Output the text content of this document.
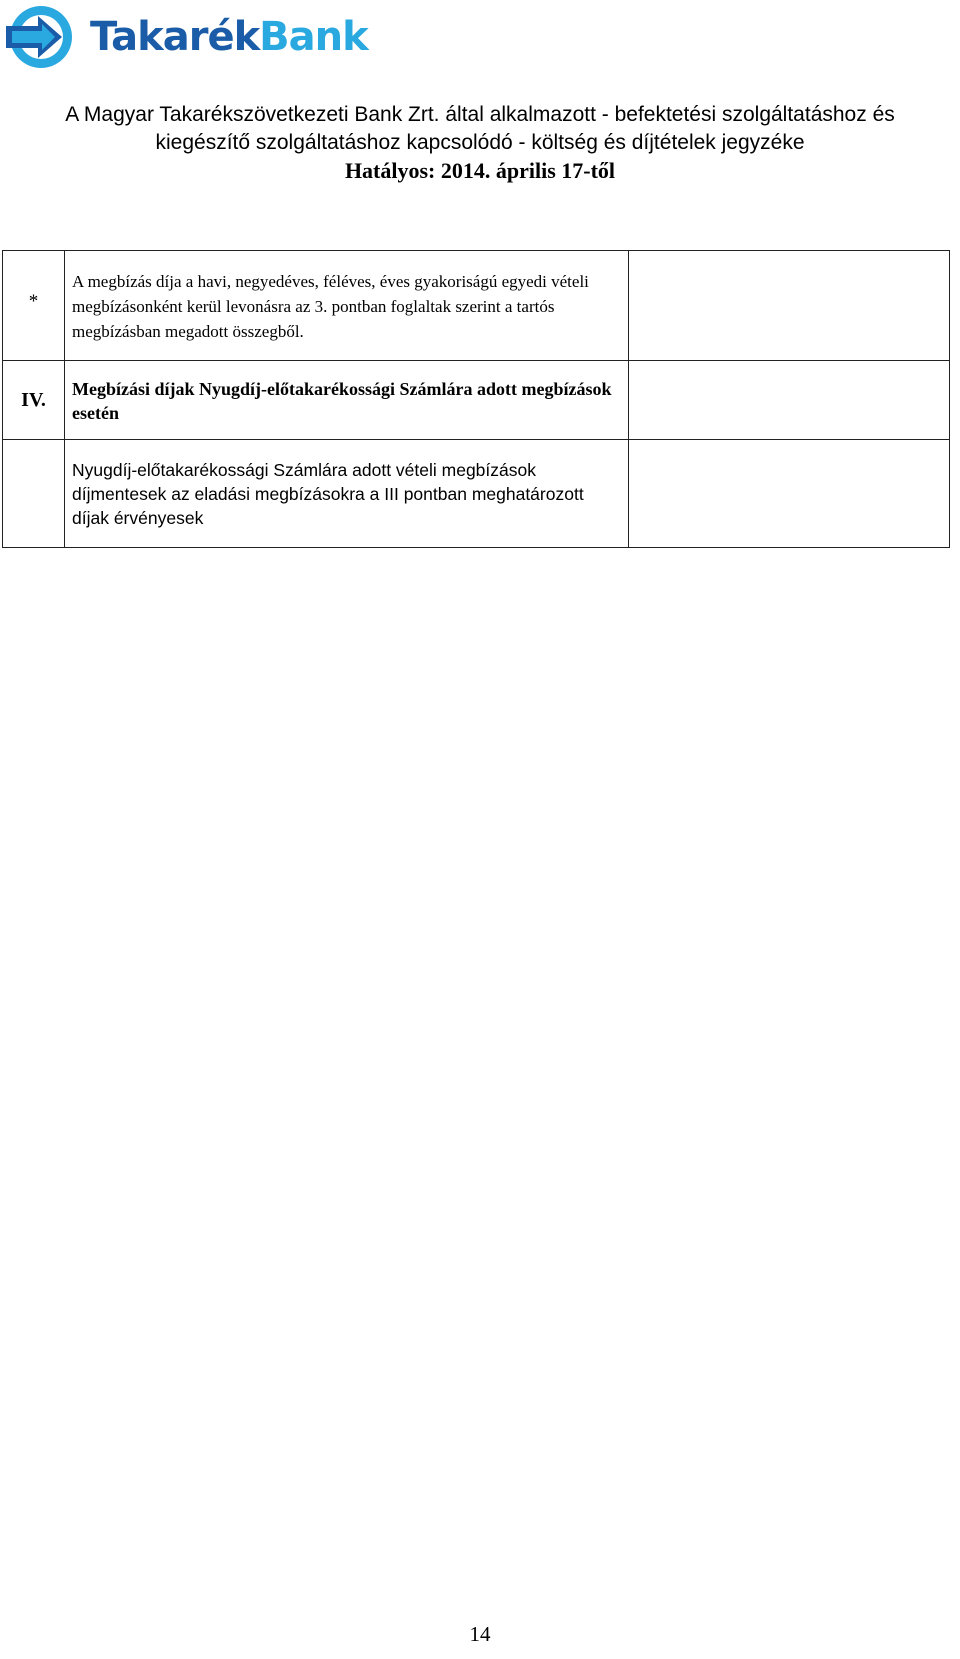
TakarékBank
A Magyar Takarékszövetkezeti Bank Zrt. által alkalmazott - befektetési szolgáltatáshoz és
kiegészítő szolgáltatáshoz kapcsolódó - költség és díjtételek jegyzéke
Hatályos: 2014. április 17-től
*	A megbízás díja a havi, negyedéves, féléves, éves gyakoriságú egyedi vételi megbízásonként kerül levonásra az 3. pontban foglaltak szerint a tartós megbízásban megadott összegből.	

IV.	Megbízási díjak Nyugdíj-előtakarékossági Számlára adott megbízások esetén	

	Nyugdíj-előtakarékossági Számlára adott vételi megbízások díjmentesek az eladási megbízásokra a III pontban meghatározott díjak érvényesek	

14
